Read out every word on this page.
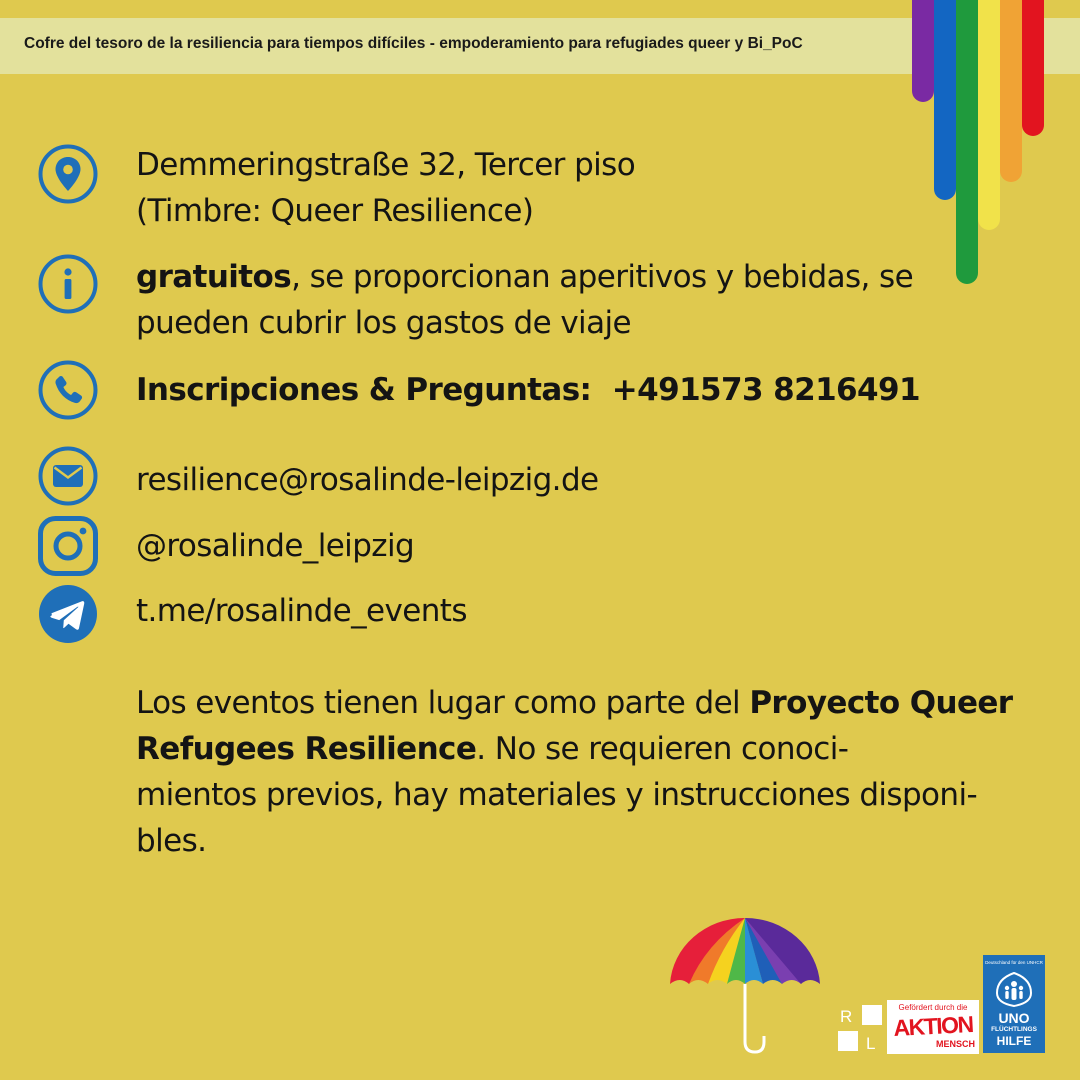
Cofre del tesoro de la resiliencia para tiempos difíciles - empoderamiento para refugiades queer y Bi_PoC
Demmeringstraße 32, Tercer piso
(Timbre: Queer Resilience)
gratuitos, se proporcionan aperitivos y bebidas, se
pueden cubrir los gastos de viaje
Inscripciones & Preguntas: +491573 8216491
resilience@rosalinde-leipzig.de
@rosalinde_leipzig
t.me/rosalinde_events
Los eventos tienen lugar como parte del Proyecto Queer Refugees Resilience. No se requieren conoci-
mientos previos, hay materiales y instrucciones disponi-
bles.
R
L
Gefördert durch die
AKTION
MENSCH
Deutschland für den UNHCR
UNO
FLÜCHTLINGS
HILFE
